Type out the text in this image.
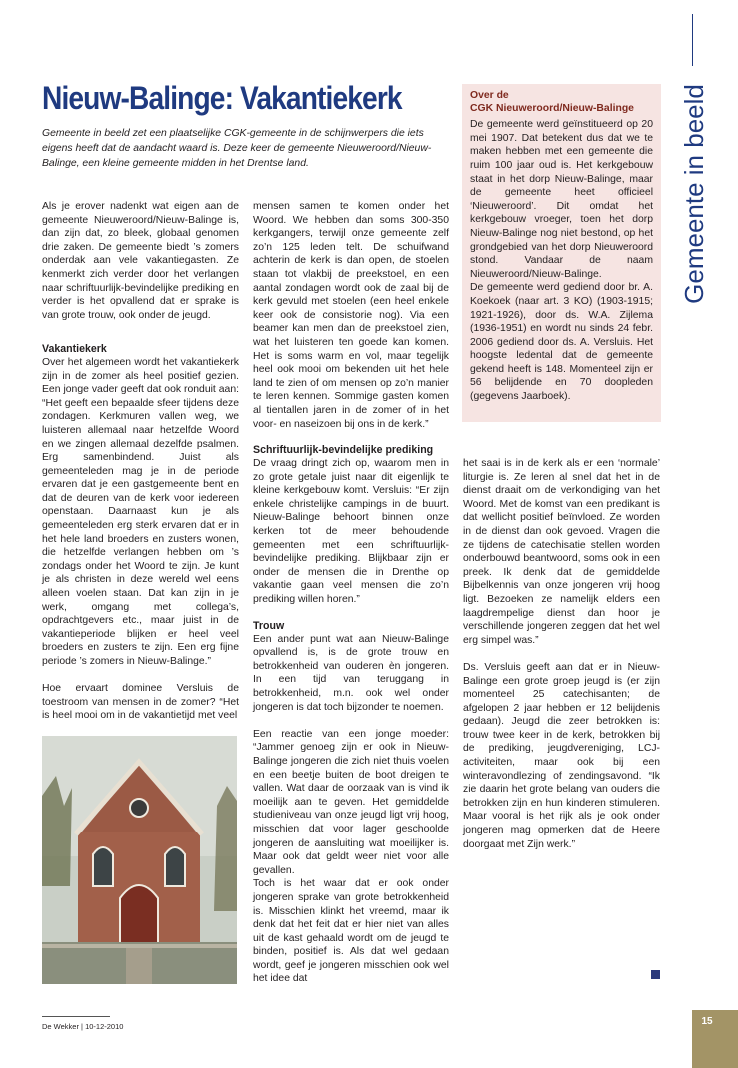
Gemeente in beeld
Nieuw-Balinge: Vakantiekerk
Gemeente in beeld zet een plaatselijke CGK-gemeente in de schijnwerpers die iets eigens heeft dat de aandacht waard is. Deze keer de gemeente Nieuweroord/Nieuw-Balinge, een kleine gemeente midden in het Drentse land.
Over de
CGK Nieuweroord/Nieuw-Balinge

De gemeente werd geïnstitueerd op 20 mei 1907. Dat betekent dus dat we te maken hebben met een gemeente die ruim 100 jaar oud is. Het kerkgebouw staat in het dorp Nieuw-Balinge, maar de gemeente heet officieel ‘Nieuweroord’. Dit omdat het kerkgebouw vroeger, toen het dorp Nieuw-Balinge nog niet bestond, op het grondgebied van het dorp Nieuweroord stond. Vandaar de naam Nieuweroord/Nieuw-Balinge.

De gemeente werd gediend door br. A. Koekoek (naar art. 3 KO) (1903-1915; 1921-1926), door ds. W.A. Zijlema (1936-1951) en wordt nu sinds 24 febr. 2006 gediend door ds. A. Versluis. Het hoogste ledental dat de gemeente gekend heeft is 148. Momenteel zijn er 56 belijdende en 70 doopleden (gegevens Jaarboek).

Als je erover nadenkt wat eigen aan de gemeente Nieuweroord/Nieuw-Balinge is, dan zijn dat, zo bleek, globaal genomen drie zaken. De gemeente biedt ’s zomers onderdak aan vele vakantiegasten. Ze kenmerkt zich verder door het verlangen naar schriftuurlijk-bevindelijke prediking en verder is het opvallend dat er sprake is van grote trouw, ook onder de jeugd.

Vakantiekerk

Over het algemeen wordt het vakantiekerk zijn in de zomer als heel positief gezien. Een jonge vader geeft dat ook ronduit aan: “Het geeft een bepaalde sfeer tijdens deze zondagen. Kerkmuren vallen weg, we luisteren allemaal naar hetzelfde Woord en we zingen allemaal dezelfde psalmen. Erg samenbindend. Juist als gemeenteleden mag je in de periode ervaren dat je een gastgemeente bent en dat de deuren van de kerk voor iedereen openstaan. Daarnaast kun je als gemeenteleden erg sterk ervaren dat er in het hele land broeders en zusters wonen, die hetzelfde verlangen hebben om ’s zondags onder het Woord te zijn. Je kunt je als christen in deze wereld wel eens alleen voelen staan. Dat kan zijn in je werk, omgang met collega’s, opdrachtgevers etc., maar juist in de vakantieperiode blijken er heel veel broeders en zusters te zijn. Een erg fijne periode ’s zomers in Nieuw-Balinge.”

Hoe ervaart dominee Versluis de toestroom van mensen in de zomer? “Het is heel mooi om in de vakantietijd met veel

mensen samen te komen onder het Woord. We hebben dan soms 300-350 kerkgangers, terwijl onze gemeente zelf zo’n 125 leden telt. De schuifwand achterin de kerk is dan open, de stoelen staan tot vlakbij de preekstoel, en een aantal zondagen wordt ook de zaal bij de kerk gevuld met stoelen (een heel enkele keer ook de consistorie nog). Via een beamer kan men dan de preekstoel zien, wat het luisteren ten goede kan komen. Het is soms warm en vol, maar tegelijk heel ook mooi om bekenden uit het hele land te zien of om mensen op zo’n manier te leren kennen. Sommige gasten komen al tientallen jaren in de zomer of in het voor- en naseizoen bij ons in de kerk.”

Schriftuurlijk-bevindelijke prediking

De vraag dringt zich op, waarom men in zo grote getale juist naar dit eigenlijk te kleine kerkgebouw komt. Versluis: “Er zijn enkele christelijke campings in de buurt. Nieuw-Balinge behoort binnen onze kerken tot de meer behoudende gemeenten met een schriftuurlijk-bevindelijke prediking. Blijkbaar zijn er onder de mensen die in Drenthe op vakantie gaan veel mensen die zo’n prediking willen horen.”

Trouw

Een ander punt wat aan Nieuw-Balinge opvallend is, is de grote trouw en betrokkenheid van ouderen èn jongeren. In een tijd van teruggang in betrokkenheid, m.n. ook wel onder jongeren is dat toch bijzonder te noemen.

Een reactie van een jonge moeder: “Jammer genoeg zijn er ook in Nieuw-Balinge jongeren die zich niet thuis voelen en een beetje buiten de boot dreigen te vallen. Wat daar de oorzaak van is vind ik moeilijk aan te geven. Het gemiddelde studieniveau van onze jeugd ligt vrij hoog, misschien dat voor lager geschoolde jongeren de aansluiting wat moeilijker is. Maar ook dat geldt weer niet voor alle gevallen.

Toch is het waar dat er ook onder jongeren sprake van grote betrokkenheid is. Misschien klinkt het vreemd, maar ik denk dat het feit dat er hier niet van alles uit de kast gehaald wordt om de jeugd te binden, positief is. Als dat wel gedaan wordt, geef je jongeren misschien ook wel het idee dat

het saai is in de kerk als er een ‘normale’ liturgie is. Ze leren al snel dat het in de dienst draait om de verkondiging van het Woord. Met de komst van een predikant is dat wellicht positief beïnvloed. Ze worden in de dienst dan ook gevoed. Vragen die ze tijdens de catechisatie stellen worden onderbouwd beantwoord, soms ook in een preek. Ik denk dat de gemiddelde Bijbelkennis van onze jongeren vrij hoog ligt. Bezoeken ze namelijk elders een laagdrempelige dienst dan hoor je verschillende jongeren zeggen dat het wel erg simpel was.”

Ds. Versluis geeft aan dat er in Nieuw-Balinge een grote groep jeugd is (er zijn momenteel 25 catechisanten; de afgelopen 2 jaar hebben er 12 belijdenis gedaan). Jeugd die zeer betrokken is: trouw twee keer in de kerk, betrokken bij de prediking, jeugdvereniging, LCJ-activiteiten, maar ook bij een winteravondlezing of zendingsavond. “Ik zie daarin het grote belang van ouders die betrokken zijn en hun kinderen stimuleren. Maar vooral is het rijk als je ook onder jongeren mag opmerken dat de Heere doorgaat met Zijn werk.”

De Wekker | 10-12-2010	15
